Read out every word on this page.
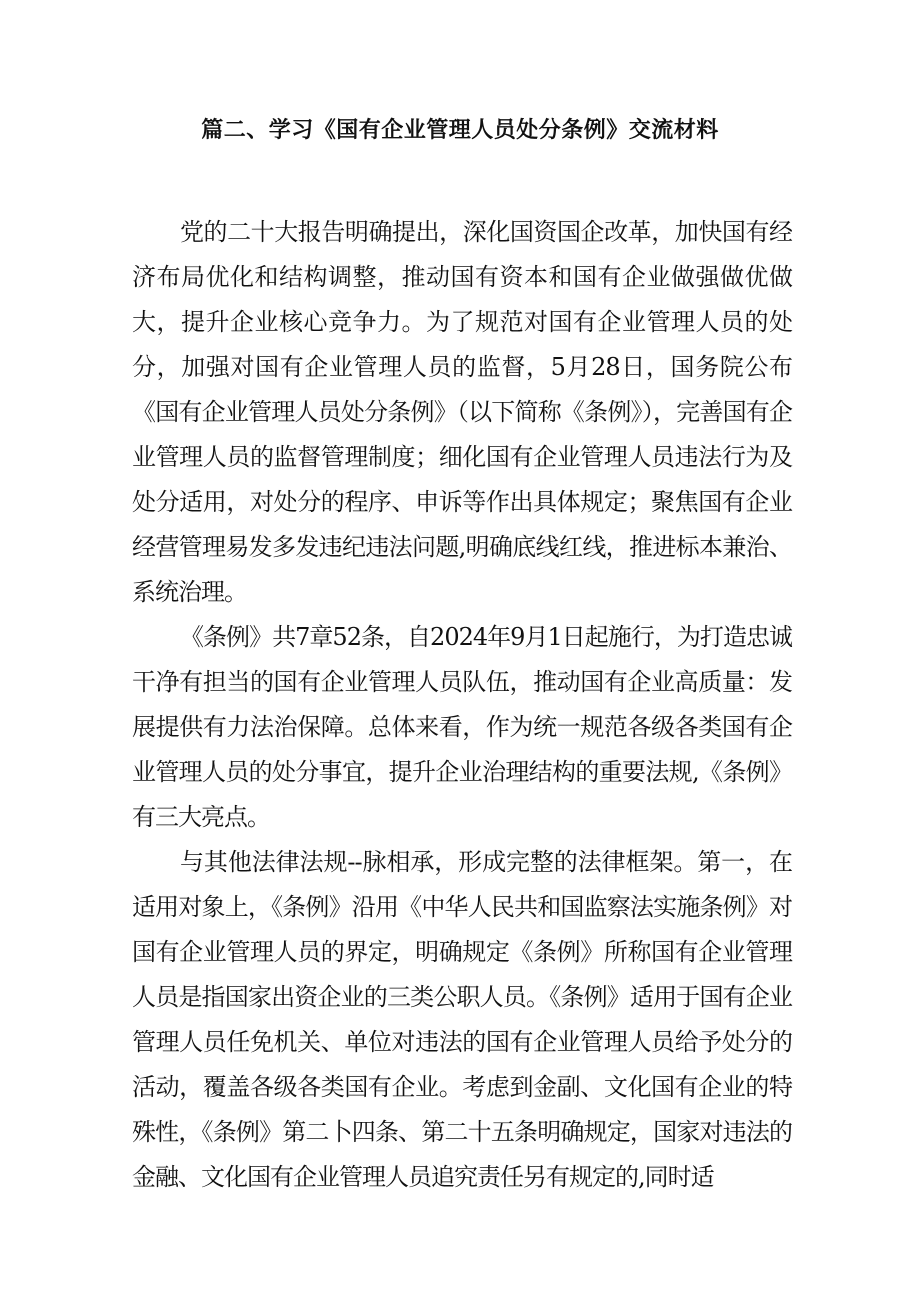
篇二、学习《国有企业管理人员处分条例》交流材料

党的二十大报告明确提出，深化国资国企改革，加快国有经济布局优化和结构调整，推动国有资本和国有企业做强做优做大，提升企业核心竞争力。为了规范对国有企业管理人员的处分，加强对国有企业管理人员的监督，5月28日，国务院公布《国有企业管理人员处分条例》（以下简称《条例》），完善国有企业管理人员的监督管理制度；细化国有企业管理人员违法行为及处分适用，对处分的程序、申诉等作出具体规定；聚焦国有企业经营管理易发多发违纪违法问题,明确底线红线，推进标本兼治、系统治理。

《条例》共7章52条，自2024年9月1日起施行，为打造忠诚干净有担当的国有企业管理人员队伍，推动国有企业高质量：发展提供有力法治保障。总体来看，作为统一规范各级各类国有企业管理人员的处分事宜，提升企业治理结构的重要法规,《条例》有三大亮点。

与其他法律法规--脉相承，形成完整的法律框架。第一，在适用对象上，《条例》沿用《中华人民共和国监察法实施条例》对国有企业管理人员的界定，明确规定《条例》所称国有企业管理人员是指国家出资企业的三类公职人员。《条例》适用于国有企业管理人员任免机关、单位对违法的国有企业管理人员给予处分的活动，覆盖各级各类国有企业。考虑到金副、文化国有企业的特殊性，《条例》第二卜四条、第二十五条明确规定，国家对违法的金融、文化国有企业管理人员追究责任另有规定的,同时适
